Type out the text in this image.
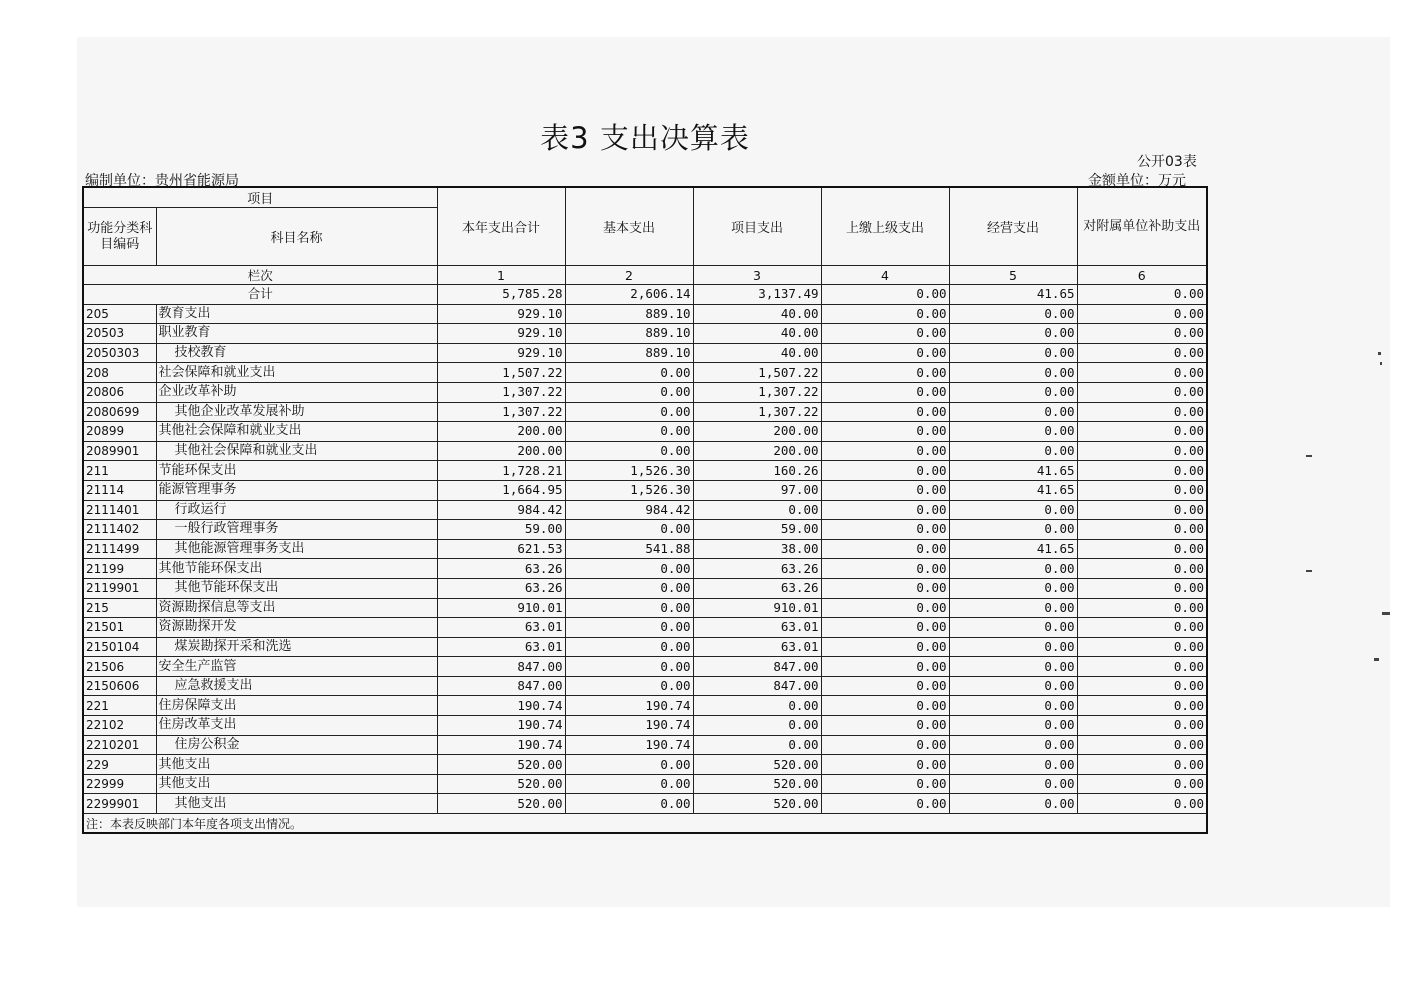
表3 支出决算表
公开03表
编制单位：贵州省能源局	金额单位：万元
项目		本年支出合计	基本支出	项目支出	上缴上级支出	经营支出	对附属单位补助支出
功能分类科目编码	科目名称						
栏次		1	2	3	4	5	6
合计		5,785.28	2,606.14	3,137.49	0.00	41.65	0.00
205	教育支出	929.10	889.10	40.00	0.00	0.00	0.00
20503	职业教育	929.10	889.10	40.00	0.00	0.00	0.00
2050303	技校教育	929.10	889.10	40.00	0.00	0.00	0.00
208	社会保障和就业支出	1,507.22	0.00	1,507.22	0.00	0.00	0.00
20806	企业改革补助	1,307.22	0.00	1,307.22	0.00	0.00	0.00
2080699	其他企业改革发展补助	1,307.22	0.00	1,307.22	0.00	0.00	0.00
20899	其他社会保障和就业支出	200.00	0.00	200.00	0.00	0.00	0.00
2089901	其他社会保障和就业支出	200.00	0.00	200.00	0.00	0.00	0.00
211	节能环保支出	1,728.21	1,526.30	160.26	0.00	41.65	0.00
21114	能源管理事务	1,664.95	1,526.30	97.00	0.00	41.65	0.00
2111401	行政运行	984.42	984.42	0.00	0.00	0.00	0.00
2111402	一般行政管理事务	59.00	0.00	59.00	0.00	0.00	0.00
2111499	其他能源管理事务支出	621.53	541.88	38.00	0.00	41.65	0.00
21199	其他节能环保支出	63.26	0.00	63.26	0.00	0.00	0.00
2119901	其他节能环保支出	63.26	0.00	63.26	0.00	0.00	0.00
215	资源勘探信息等支出	910.01	0.00	910.01	0.00	0.00	0.00
21501	资源勘探开发	63.01	0.00	63.01	0.00	0.00	0.00
2150104	煤炭勘探开采和洗选	63.01	0.00	63.01	0.00	0.00	0.00
21506	安全生产监管	847.00	0.00	847.00	0.00	0.00	0.00
2150606	应急救援支出	847.00	0.00	847.00	0.00	0.00	0.00
221	住房保障支出	190.74	190.74	0.00	0.00	0.00	0.00
22102	住房改革支出	190.74	190.74	0.00	0.00	0.00	0.00
2210201	住房公积金	190.74	190.74	0.00	0.00	0.00	0.00
229	其他支出	520.00	0.00	520.00	0.00	0.00	0.00
22999	其他支出	520.00	0.00	520.00	0.00	0.00	0.00
2299901	其他支出	520.00	0.00	520.00	0.00	0.00	0.00
注：本表反映部门本年度各项支出情况。							
